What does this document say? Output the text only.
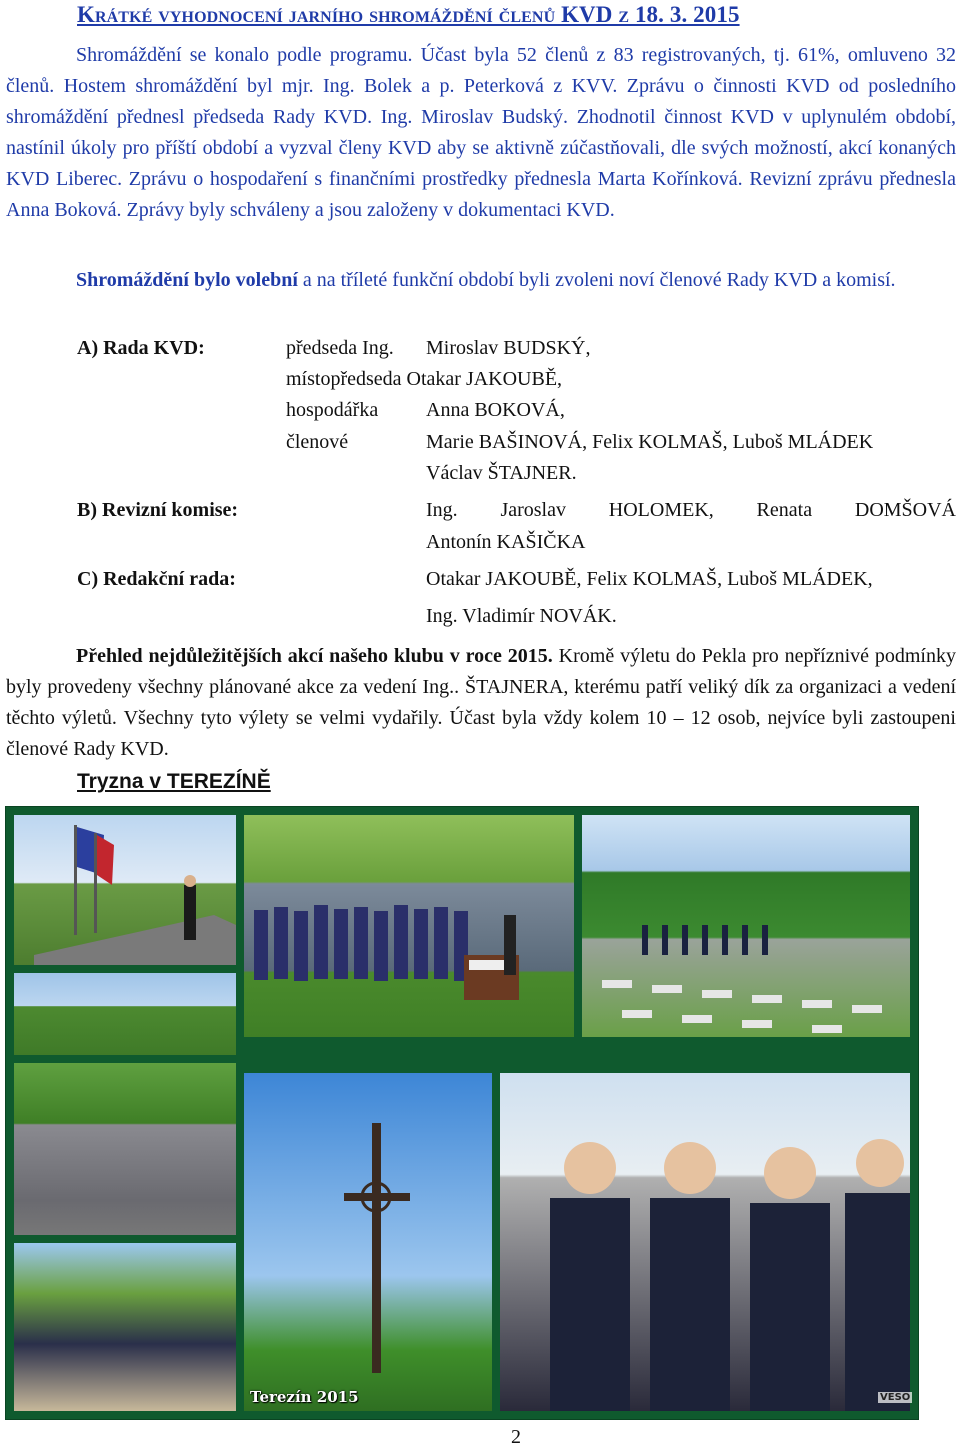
Krátké vyhodnocení jarního shromáždění členů KVD z 18. 3. 2015

Shromáždění se konalo podle programu. Účast byla 52 členů z 83 registrovaných, tj. 61%, omluveno 32 členů. Hostem shromáždění byl mjr. Ing. Bolek a p. Peterková z KVV. Zprávu o činnosti KVD od posledního shromáždění přednesl předseda Rady KVD. Ing. Miroslav Budský. Zhodnotil činnost KVD v uplynulém období, nastínil úkoly pro příští období a vyzval členy KVD aby se aktivně zúčastňovali, dle svých možností, akcí konaných KVD Liberec. Zprávu o hospodaření s finančními prostředky přednesla Marta Kořínková. Revizní zprávu přednesla Anna Boková. Zprávy byly schváleny a jsou založeny v dokumentaci KVD.

Shromáždění bylo volební a na tříleté funkční období byli zvoleni noví členové Rady KVD a komisí.

A) Rada KVD:	předseda Ing. Miroslav BUDSKÝ,
místopředseda Otakar JAKOUBĚ,
hospodářka Anna BOKOVÁ,
členové	Marie BAŠINOVÁ, Felix KOLMAŠ, Luboš MLÁDEK
Václav ŠTAJNER.
B) Revizní komise:	Ing. Jaroslav HOLOMEK, Renata DOMŠOVÁ
Antonín KAŠIČKA
C) Redakční rada:	Otakar JAKOUBĚ, Felix KOLMAŠ, Luboš MLÁDEK,
Ing. Vladimír NOVÁK.

Přehled nejdůležitějších akcí našeho klubu v roce 2015. Kromě výletu do Pekla pro nepříznivé podmínky byly provedeny všechny plánované akce za vedení Ing.. ŠTAJNERA, kterému patří veliký dík za organizaci a vedení těchto výletů. Všechny tyto výlety se velmi vydařily. Účast byla vždy kolem 10 – 12 osob, nejvíce byli zastoupeni členové Rady KVD.

Tryzna v TEREZÍNĚ
Terezín 2015	VESO
2
